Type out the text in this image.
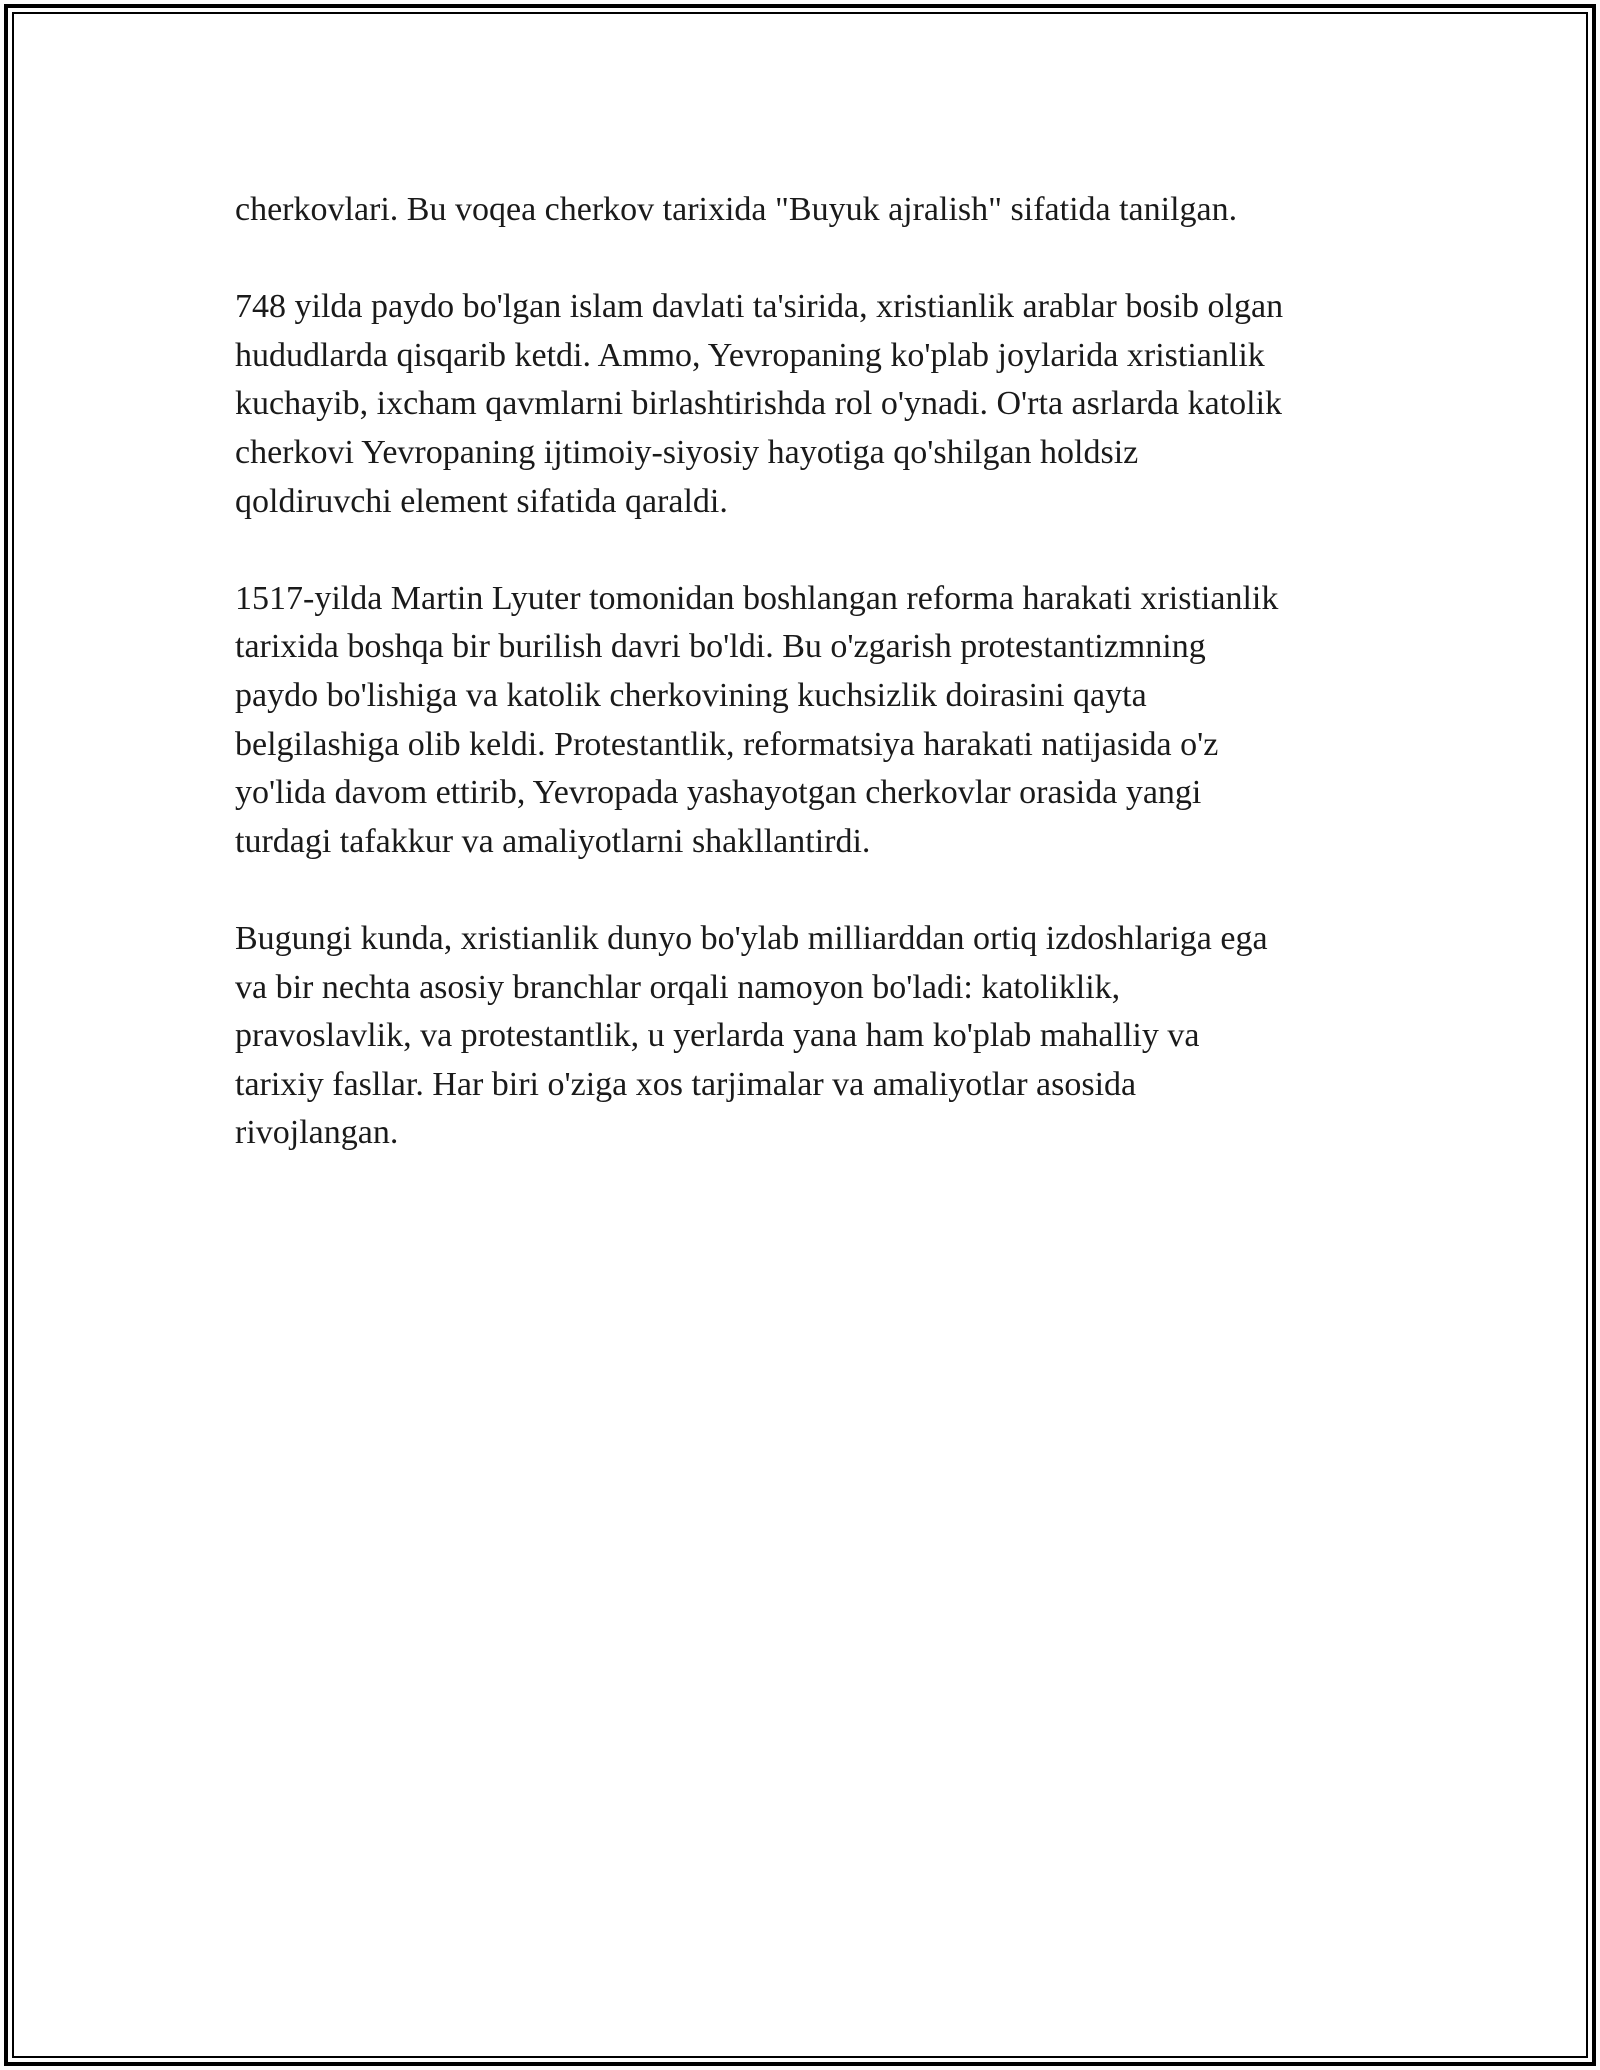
cherkovlari. Bu voqea cherkov tarixida "Buyuk ajralish" sifatida tanilgan.

748 yilda paydo bo'lgan islam davlati ta'sirida, xristianlik arablar bosib olgan
hududlarda qisqarib ketdi. Ammo, Yevropaning ko'plab joylarida xristianlik
kuchayib, ixcham qavmlarni birlashtirishda rol o'ynadi. O'rta asrlarda katolik
cherkovi Yevropaning ijtimoiy-siyosiy hayotiga qo'shilgan holdsiz
qoldiruvchi element sifatida qaraldi.

1517-yilda Martin Lyuter tomonidan boshlangan reforma harakati xristianlik
tarixida boshqa bir burilish davri bo'ldi. Bu o'zgarish protestantizmning
paydo bo'lishiga va katolik cherkovining kuchsizlik doirasini qayta
belgilashiga olib keldi. Protestantlik, reformatsiya harakati natijasida o'z
yo'lida davom ettirib, Yevropada yashayotgan cherkovlar orasida yangi
turdagi tafakkur va amaliyotlarni shakllantirdi.

Bugungi kunda, xristianlik dunyo bo'ylab milliarddan ortiq izdoshlariga ega
va bir nechta asosiy branchlar orqali namoyon bo'ladi: katoliklik,
pravoslavlik, va protestantlik, u yerlarda yana ham ko'plab mahalliy va
tarixiy fasllar. Har biri o'ziga xos tarjimalar va amaliyotlar asosida
rivojlangan.
